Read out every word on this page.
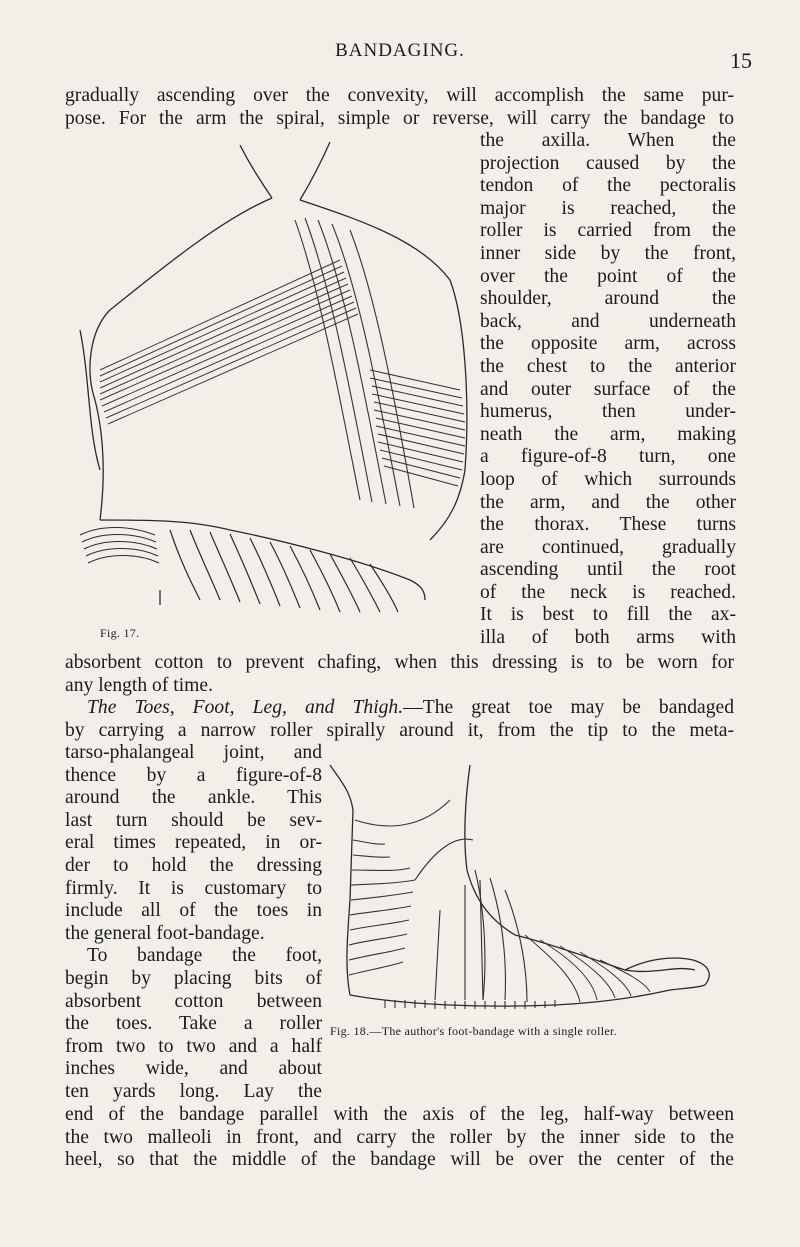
BANDAGING.	15
gradually ascending over the convexity, will accomplish the same pur-
pose. For the arm the spiral, simple or reverse, will carry the bandage to
Fig. 17.
the axilla. When the
projection caused by the
tendon of the pectoralis
major is reached, the
roller is carried from the
inner side by the front,
over the point of the
shoulder, around the
back, and underneath
the opposite arm, across
the chest to the anterior
and outer surface of the
humerus, then under-
neath the arm, making
a figure-of-8 turn, one
loop of which surrounds
the arm, and the other
the thorax. These turns
are continued, gradually
ascending until the root
of the neck is reached.
It is best to fill the ax-
illa of both arms with
absorbent cotton to prevent chafing, when this dressing is to be worn for
any length of time.
The Toes, Foot, Leg, and Thigh.—The great toe may be bandaged
by carrying a narrow roller spirally around it, from the tip to the meta-
tarso-phalangeal joint, and
thence by a figure-of-8
around the ankle. This
last turn should be sev-
eral times repeated, in or-
der to hold the dressing
firmly. It is customary to
include all of the toes in
the general foot-bandage.
To bandage the foot,
begin by placing bits of
absorbent cotton between
the toes. Take a roller
from two to two and a half
inches wide, and about
ten yards long. Lay the
Fig. 18.—The author's foot-bandage with a single roller.
end of the bandage parallel with the axis of the leg, half-way between
the two malleoli in front, and carry the roller by the inner side to the
heel, so that the middle of the bandage will be over the center of the
